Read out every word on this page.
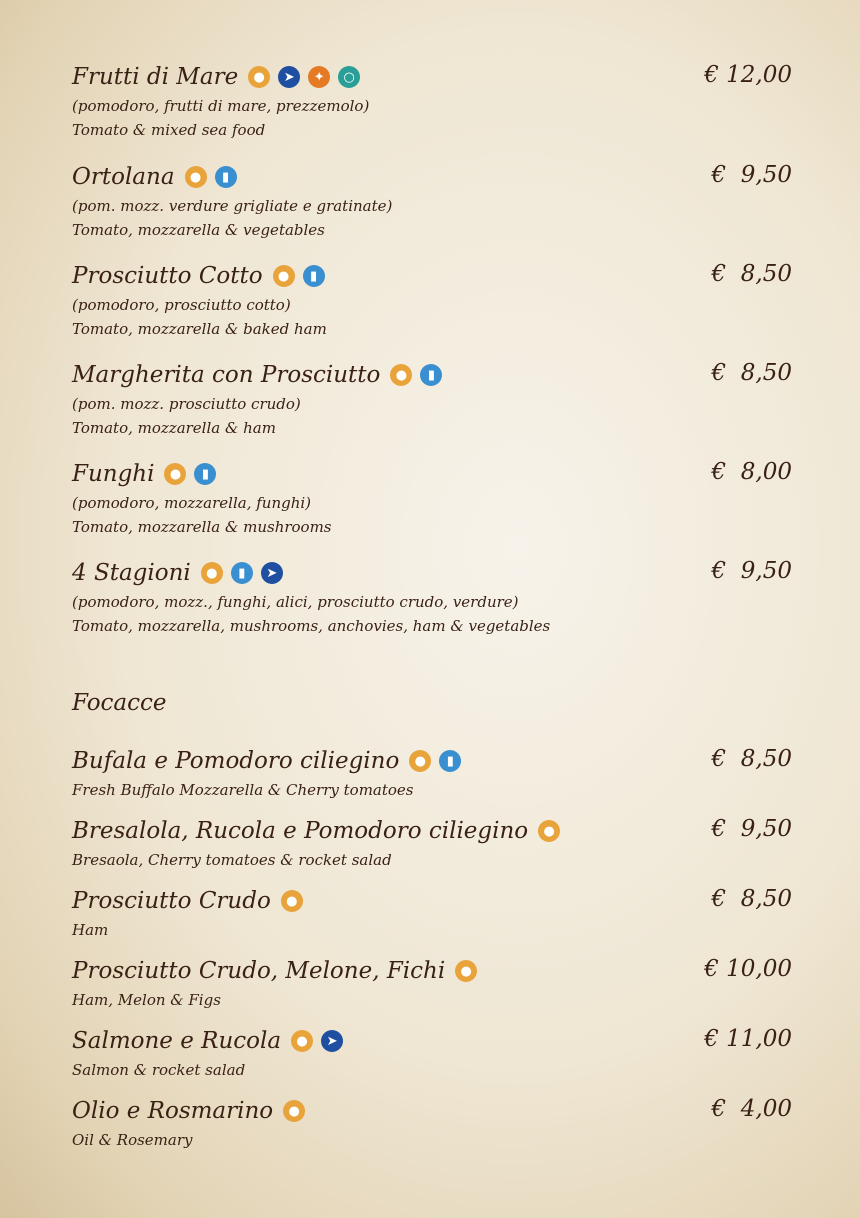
Frutti di Mare	●	➤	✦	○
(pomodoro, frutti di mare, prezzemolo)
Tomato & mixed sea food
€ 12,00
Ortolana	●	▮
(pom. mozz. verdure grigliate e gratinate)
Tomato, mozzarella & vegetables
€  9,50
Prosciutto Cotto	●	▮
(pomodoro, prosciutto cotto)
Tomato, mozzarella & baked ham
€  8,50
Margherita con Prosciutto	●	▮
(pom. mozz. prosciutto crudo)
Tomato, mozzarella & ham
€  8,50
Funghi	●	▮
(pomodoro, mozzarella, funghi)
Tomato, mozzarella & mushrooms
€  8,00
4 Stagioni	●	▮	➤
(pomodoro, mozz., funghi, alici, prosciutto crudo, verdure)
Tomato, mozzarella, mushrooms, anchovies, ham & vegetables
€  9,50
Focacce
Bufala e Pomodoro ciliegino	●	▮
Fresh Buffalo Mozzarella & Cherry tomatoes
€  8,50
Bresalola, Rucola e Pomodoro ciliegino	●
Bresaola, Cherry tomatoes & rocket salad
€  9,50
Prosciutto Crudo	●
Ham
€  8,50
Prosciutto Crudo, Melone, Fichi	●
Ham, Melon & Figs
€ 10,00
Salmone e Rucola	●	➤
Salmon & rocket salad
€ 11,00
Olio e Rosmarino	●
Oil & Rosemary
€  4,00
